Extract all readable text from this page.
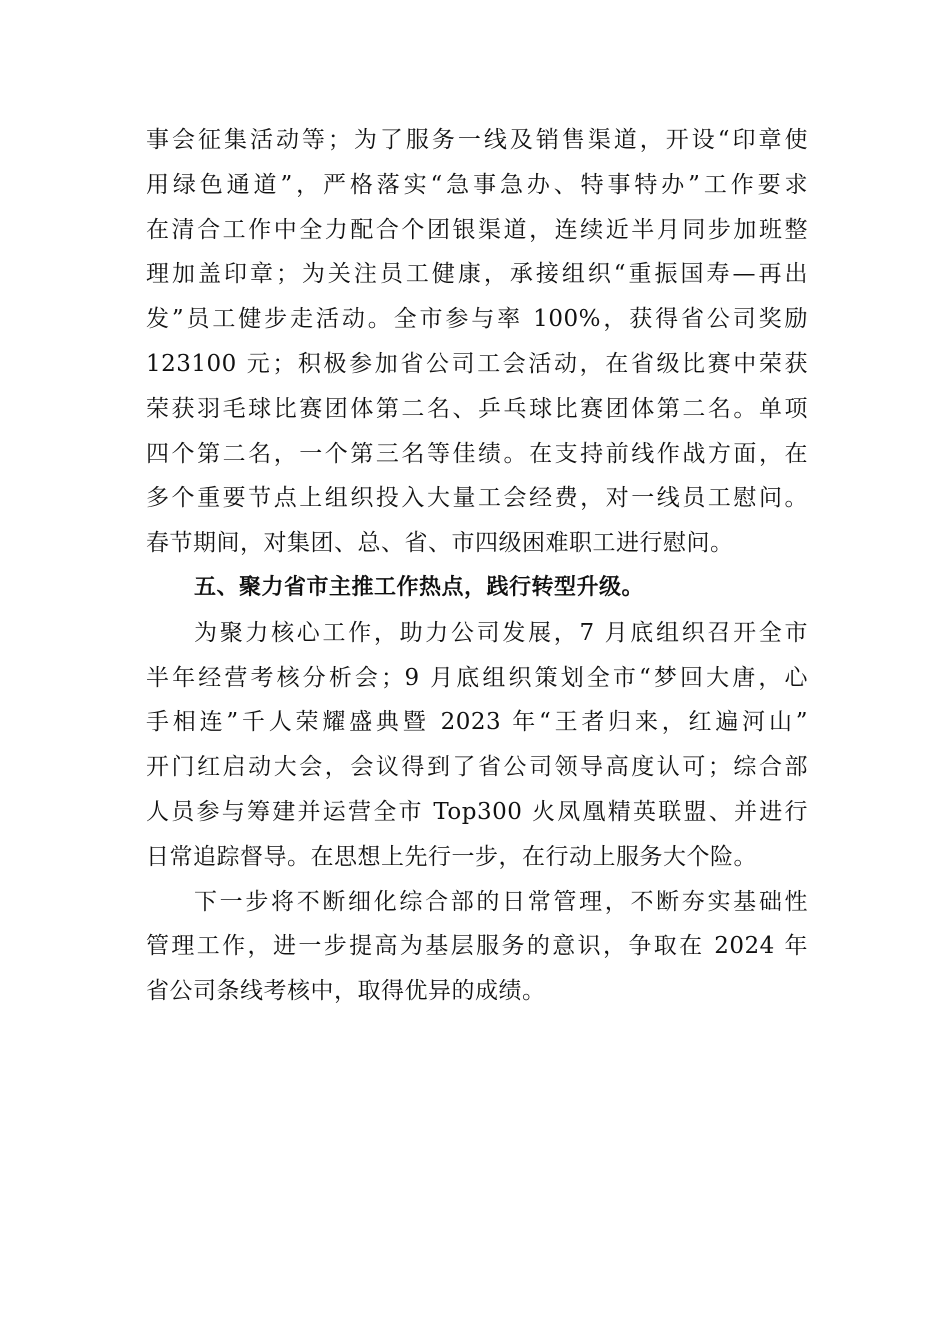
事会征集活动等；为了服务一线及销售渠道，开设“印章使
用绿色通道”，严格落实“急事急办、特事特办”工作要求
在清合工作中全力配合个团银渠道，连续近半月同步加班整
理加盖印章；为关注员工健康，承接组织“重振国寿—再出
发”员工健步走活动。全市参与率 100%，获得省公司奖励
123100 元；积极参加省公司工会活动，在省级比赛中荣获
荣获羽毛球比赛团体第二名、乒乓球比赛团体第二名。单项
四个第二名，一个第三名等佳绩。在支持前线作战方面，在
多个重要节点上组织投入大量工会经费，对一线员工慰问。
春节期间，对集团、总、省、市四级困难职工进行慰问。
五、聚力省市主推工作热点，践行转型升级。
为聚力核心工作，助力公司发展，7 月底组织召开全市
半年经营考核分析会；9 月底组织策划全市“梦回大唐，心
手相连”千人荣耀盛典暨 2023 年“王者归来，红遍河山”
开门红启动大会，会议得到了省公司领导高度认可；综合部
人员参与筹建并运营全市 Top300 火凤凰精英联盟、并进行
日常追踪督导。在思想上先行一步，在行动上服务大个险。
下一步将不断细化综合部的日常管理，不断夯实基础性
管理工作，进一步提高为基层服务的意识，争取在 2024 年
省公司条线考核中，取得优异的成绩。
